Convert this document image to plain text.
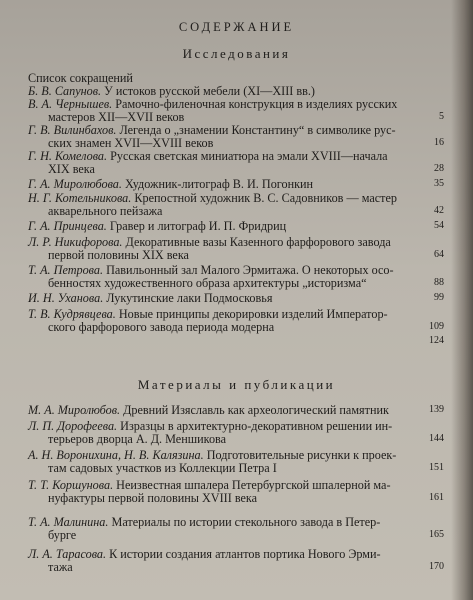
СОДЕРЖАНИЕ
Исследования
Список сокращений
Б. В. Сапунов. У истоков русской мебели (XI—XIII вв.)
В. А. Чернышев. Рамочно-филеночная конструкция в изделиях русских
мастеров XII—XVII веков	5
Г. В. Вилинбахов. Легенда о „знамении Константину“ в символике рус-
ских знамен XVII—XVIII веков	16
Г. Н. Комелова. Русская светская миниатюра на эмали XVIII—начала
XIX века	28
Г. А. Миролюбова. Художник-литограф В. И. Погонкин	35
Н. Г. Котельникова. Крепостной художник В. С. Садовников — мастер
акварельного пейзажа	42
Г. А. Принцева. Гравер и литограф И. П. Фридриц	54
Л. Р. Никифорова. Декоративные вазы Казенного фарфорового завода
первой половины XIX века	64
Т. А. Петрова. Павильонный зал Малого Эрмитажа. О некоторых осо-
бенностях художественного образа архитектуры „историзма“	88
И. Н. Уханова. Лукутинские лаки Подмосковья	99
Т. В. Кудрявцева. Новые принципы декорировки изделий Император-
ского фарфорового завода периода модерна	109
124
Материалы и публикации
М. А. Миролюбов. Древний Изяславль как археологический памятник	139
Л. П. Дорофеева. Изразцы в архитектурно-декоративном решении ин-
терьеров дворца А. Д. Меншикова	144
А. Н. Воронихина, Н. В. Калязина. Подготовительные рисунки к проек-
там садовых участков из Коллекции Петра I	151
Т. Т. Коршунова. Неизвестная шпалера Петербургской шпалерной ма-
нуфактуры первой половины XVIII века	161
Т. А. Малинина. Материалы по истории стекольного завода в Петер-
бурге	165
Л. А. Тарасова. К истории создания атлантов портика Нового Эрми-
тажа	170
